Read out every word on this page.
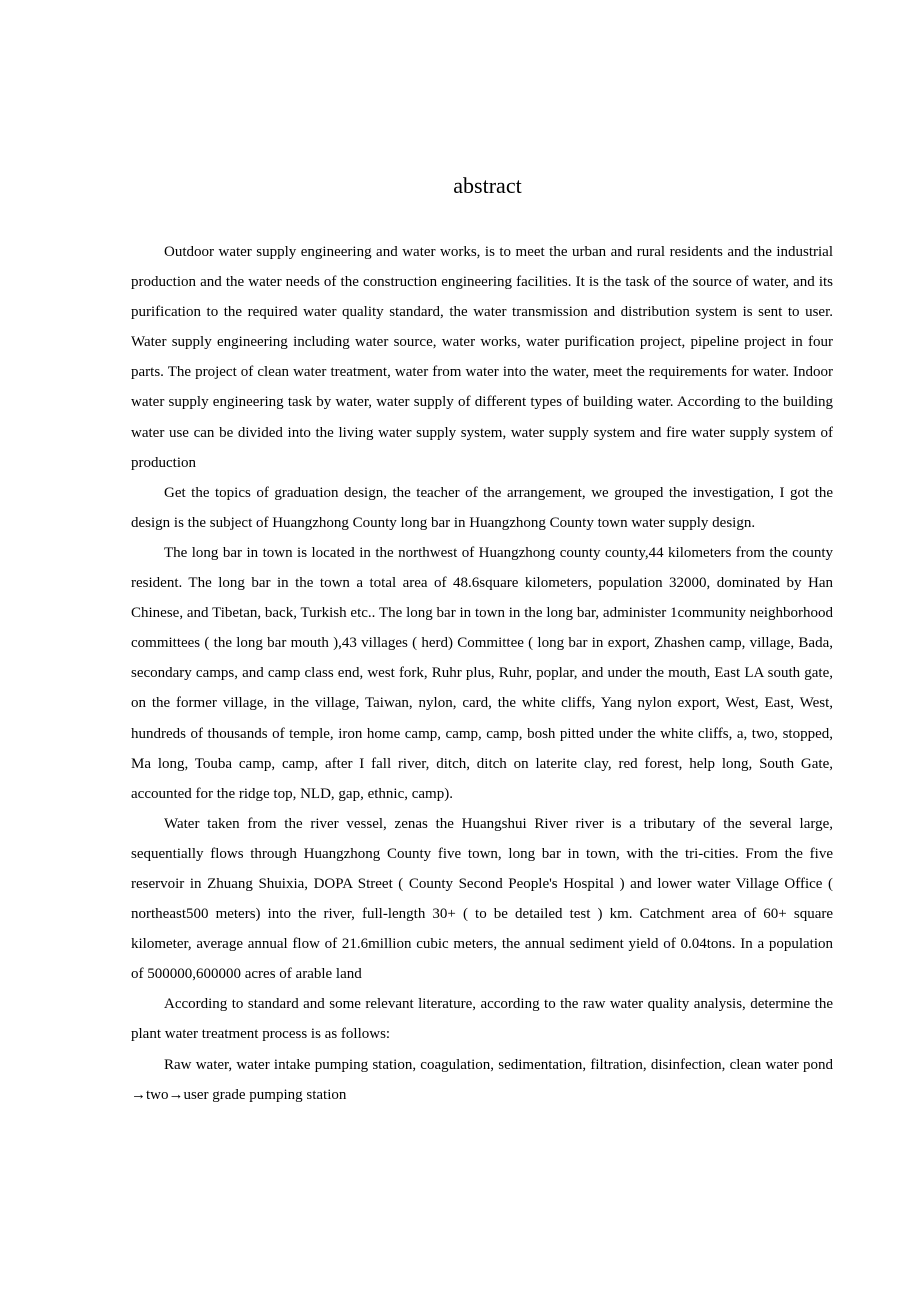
abstract

Outdoor water supply engineering and water works, is to meet the urban and rural residents and the industrial production and the water needs of the construction engineering facilities. It is the task of the source of water, and its purification to the required water quality standard, the water transmission and distribution system is sent to user. Water supply engineering including water source, water works, water purification project, pipeline project in four parts. The project of clean water treatment, water from water into the water, meet the requirements for water. Indoor water supply engineering task by water, water supply of different types of building water. According to the building water use can be divided into the living water supply system, water supply system and fire water supply system of production

Get the topics of graduation design, the teacher of the arrangement, we grouped the investigation, I got the design is the subject of Huangzhong County long bar in Huangzhong County town water supply design.

The long bar in town is located in the northwest of Huangzhong county county,44 kilometers from the county resident. The long bar in the town a total area of 48.6square kilometers, population 32000, dominated by Han Chinese, and Tibetan, back, Turkish etc.. The long bar in town in the long bar, administer 1community neighborhood committees ( the long bar mouth ),43 villages ( herd) Committee ( long bar in export, Zhashen camp, village, Bada, secondary camps, and camp class end, west fork, Ruhr plus, Ruhr, poplar, and under the mouth, East LA south gate, on the former village, in the village, Taiwan, nylon, card, the white cliffs, Yang nylon export, West, East, West, hundreds of thousands of temple, iron home camp, camp, camp, bosh pitted under the white cliffs, a, two, stopped, Ma long, Touba camp, camp, after I fall river, ditch, ditch on laterite clay, red forest, help long, South Gate, accounted for the ridge top, NLD, gap, ethnic, camp).

Water taken from the river vessel, zenas the Huangshui River river is a tributary of the several large, sequentially flows through Huangzhong County five town, long bar in town, with the tri-cities. From the five reservoir in Zhuang Shuixia, DOPA Street ( County Second People's Hospital ) and lower water Village Office ( northeast500 meters) into the river, full-length 30+ ( to be detailed test ) km. Catchment area of 60+ square kilometer, average annual flow of 21.6million cubic meters, the annual sediment yield of 0.04tons. In a population of 500000,600000 acres of arable land

According to standard and some relevant literature, according to the raw water quality analysis, determine the plant water treatment process is as follows:

Raw water, water intake pumping station, coagulation, sedimentation, filtration, disinfection, clean water pond →two→user grade pumping station
